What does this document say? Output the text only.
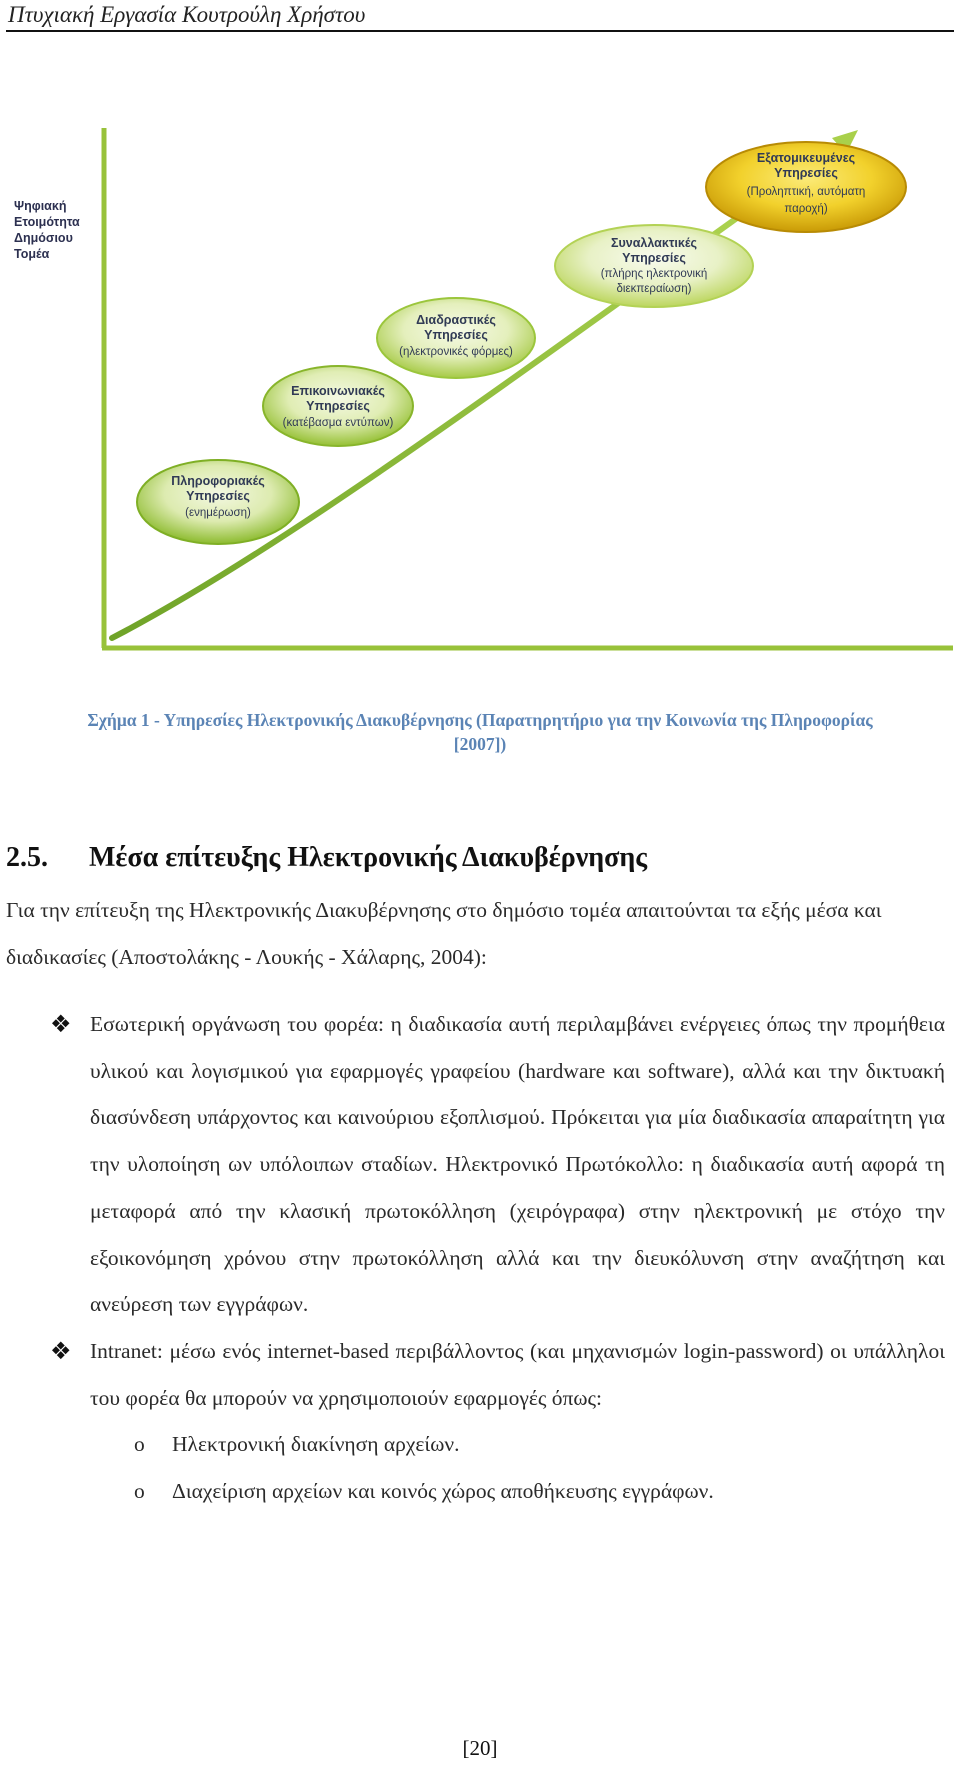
Πτυχιακή Εργασία Κουτρούλη Χρήστου
Ψηφιακή
Ετοιμότητα
Δημόσιου
Τομέα
Πληροφοριακές
Υπηρεσίες
(ενημέρωση)
Επικοινωνιακές
Υπηρεσίες
(κατέβασμα εντύπων)
Διαδραστικές
Υπηρεσίες
(ηλεκτρονικές φόρμες)
Συναλλακτικές
Υπηρεσίες
(πλήρης ηλεκτρονική
διεκπεραίωση)
Εξατομικευμένες
Υπηρεσίες
(Προληπτική, αυτόματη
παροχή)
Σχήμα 1 - Υπηρεσίες Ηλεκτρονικής Διακυβέρνησης (Παρατηρητήριο για την Κοινωνία της Πληροφορίας
[2007])
2.5. Μέσα επίτευξης Ηλεκτρονικής Διακυβέρνησης
Για την επίτευξη της Ηλεκτρονικής Διακυβέρνησης στο δημόσιο τομέα απαιτούνται τα εξής μέσα και διαδικασίες (Αποστολάκης - Λουκής - Χάλαρης, 2004):
❖ Εσωτερική οργάνωση του φορέα: η διαδικασία αυτή περιλαμβάνει ενέργειες όπως την προμήθεια υλικού και λογισμικού για εφαρμογές γραφείου (hardware και software), αλλά και την δικτυακή διασύνδεση υπάρχοντος και καινούριου εξοπλισμού. Πρόκειται για μία διαδικασία απαραίτητη για την υλοποίηση ων υπόλοιπων σταδίων. Ηλεκτρονικό Πρωτόκολλο: η διαδικασία αυτή αφορά τη μεταφορά από την κλασική πρωτοκόλληση (χειρόγραφα) στην ηλεκτρονική με στόχο την εξοικονόμηση χρόνου στην πρωτοκόλληση αλλά και την διευκόλυνση στην αναζήτηση και ανεύρεση των εγγράφων.
❖ Intranet: μέσω ενός internet-based περιβάλλοντος (και μηχανισμών login-password) οι υπάλληλοι του φορέα θα μπορούν να χρησιμοποιούν εφαρμογές όπως:
o Ηλεκτρονική διακίνηση αρχείων.
o Διαχείριση αρχείων και κοινός χώρος αποθήκευσης εγγράφων.
[20]
